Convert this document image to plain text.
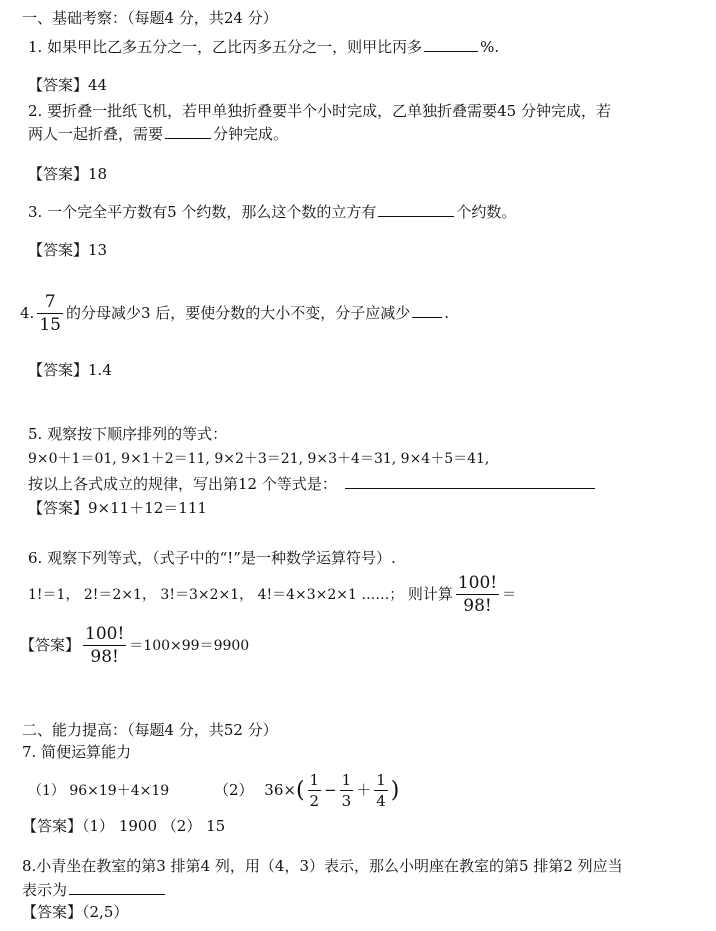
一、基础考察：（每题4 分，共24 分）
1. 如果甲比乙多五分之一，乙比丙多五分之一，则甲比丙多	%.
【答案】44
2. 要折叠一批纸飞机，若甲单独折叠要半个小时完成，乙单独折叠需要45 分钟完成，若
两人一起折叠，需要	分钟完成。
【答案】18
3. 一个完全平方数有5 个约数，那么这个数的立方有	个约数。
【答案】13
4. $\frac{7}{15}$ 的分母减少3 后，要使分数的大小不变，分子应减少 .
【答案】1.4
5. 观察按下顺序排列的等式：
9×0＋1＝01, 9×1＋2＝11, 9×2＋3＝21, 9×3＋4＝31, 9×4＋5＝41,
按以上各式成立的规律，写出第12 个等式是：
【答案】9×11＋12＝111
6. 观察下列等式，（式子中的“!”是一种数学运算符号）.
1!＝1， 2!＝2×1， 3!＝3×2×1， 4!＝4×3×2×1 ……； 则计算 $\frac{100!}{98!}$ ＝
【答案】 $\frac{100!}{98!} =100\times 99=9900$
二、能力提高：（每题4 分，共52 分）
7. 简便运算能力
（1） 96×19＋4×19	（2） $36\times( \frac{1}{2} - \frac{1}{3} + \frac{1}{4}$ )
【答案】（1） 1900 （2） 15
8.小青坐在教室的第3 排第4 列，用（4，3）表示，那么小明座在教室的第5 排第2 列应当
表示为
【答案】（2,5）
